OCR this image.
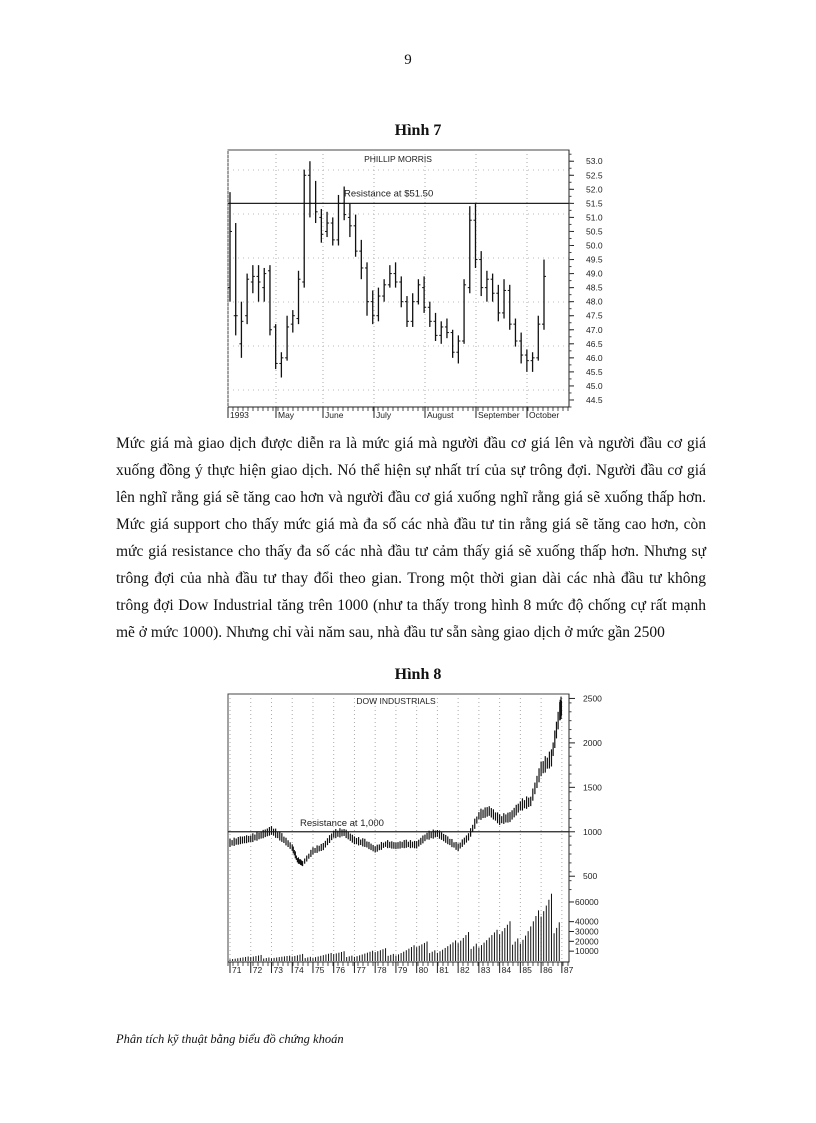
9
Hình 7
PHILLIP MORRIS
Resistance at $51.50
53.0
52.5
52.0
51.5
51.0
50.5
50.0
49.5
49.0
48.5
48.0
47.5
47.0
46.5
46.0
45.5
45.0
44.5
1993	May	June	July	August	September October

Mức giá mà giao dịch được diễn ra là mức giá mà người đầu cơ giá lên và người đầu cơ giá xuống đồng ý thực hiện giao dịch. Nó thể hiện sự nhất trí của sự trông đợi. Người đầu cơ giá lên nghĩ rằng giá sẽ tăng cao hơn và người đầu cơ giá xuống nghĩ rằng giá sẽ xuống thấp hơn. Mức giá support cho thấy mức giá mà đa số các nhà đầu tư tin rằng giá sẽ tăng cao hơn, còn mức giá resistance cho thấy đa số các nhà đầu tư cảm thấy giá sẽ xuống thấp hơn. Nhưng sự trông đợi của nhà đầu tư thay đổi theo gian. Trong một thời gian dài các nhà đầu tư không trông đợi Dow Industrial tăng trên 1000 (như ta thấy trong hình 8 mức độ chống cự rất mạnh mẽ ở mức 1000). Nhưng chỉ vài năm sau, nhà đầu tư sẵn sàng giao dịch ở mức gần 2500

Hình 8
DOW INDUSTRIALS
Resistance at 1,000
2500
2000
1500
1000
500
60000
40000
30000
20000
10000
71 72 73 74 75 76 77 78 79 80 81 82 83 84 85 86 87
Phân tích kỹ thuật bằng biểu đồ chứng khoán
